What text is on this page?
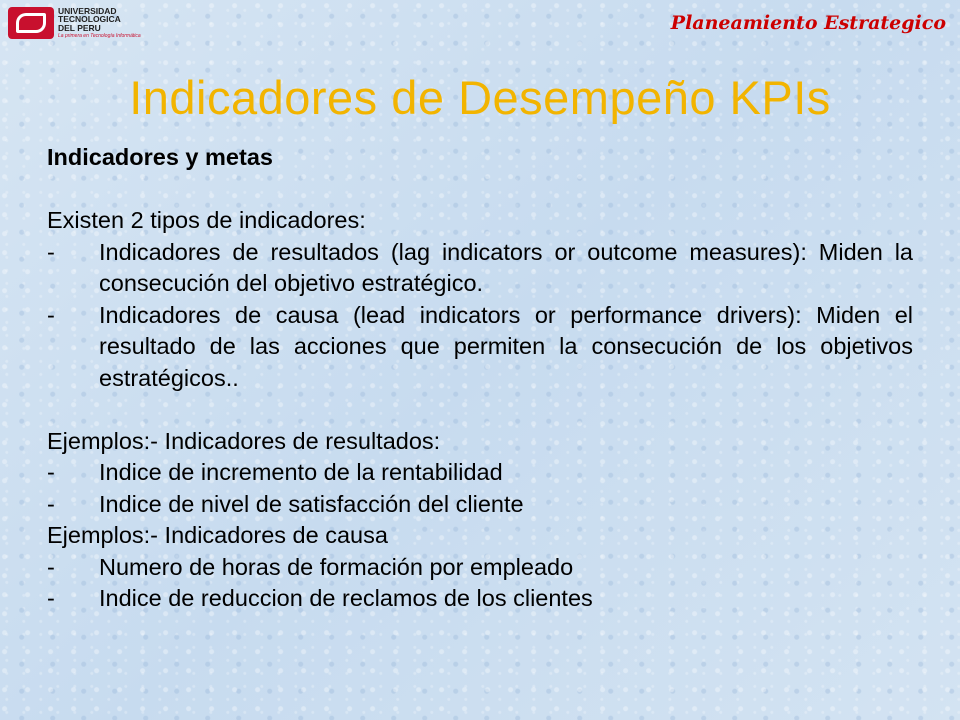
UNIVERSIDAD
TECNOLOGICA
DEL PERU
La primera en Tecnología Informática
Planeamiento Estrategico
Indicadores de Desempeño KPIs

Indicadores y metas

Existen 2 tipos de indicadores:

-	Indicadores de resultados (lag indicators or outcome measures): Miden la consecución del objetivo estratégico.
-	Indicadores de causa (lead indicators or performance drivers): Miden el resultado de las acciones que permiten la consecución de los objetivos estratégicos..

Ejemplos:- Indicadores de resultados:

-	Indice de incremento de la rentabilidad
-	Indice de nivel de satisfacción del cliente

Ejemplos:- Indicadores de causa

-	Numero de horas de formación por empleado
-	Indice de reduccion de reclamos de los clientes
